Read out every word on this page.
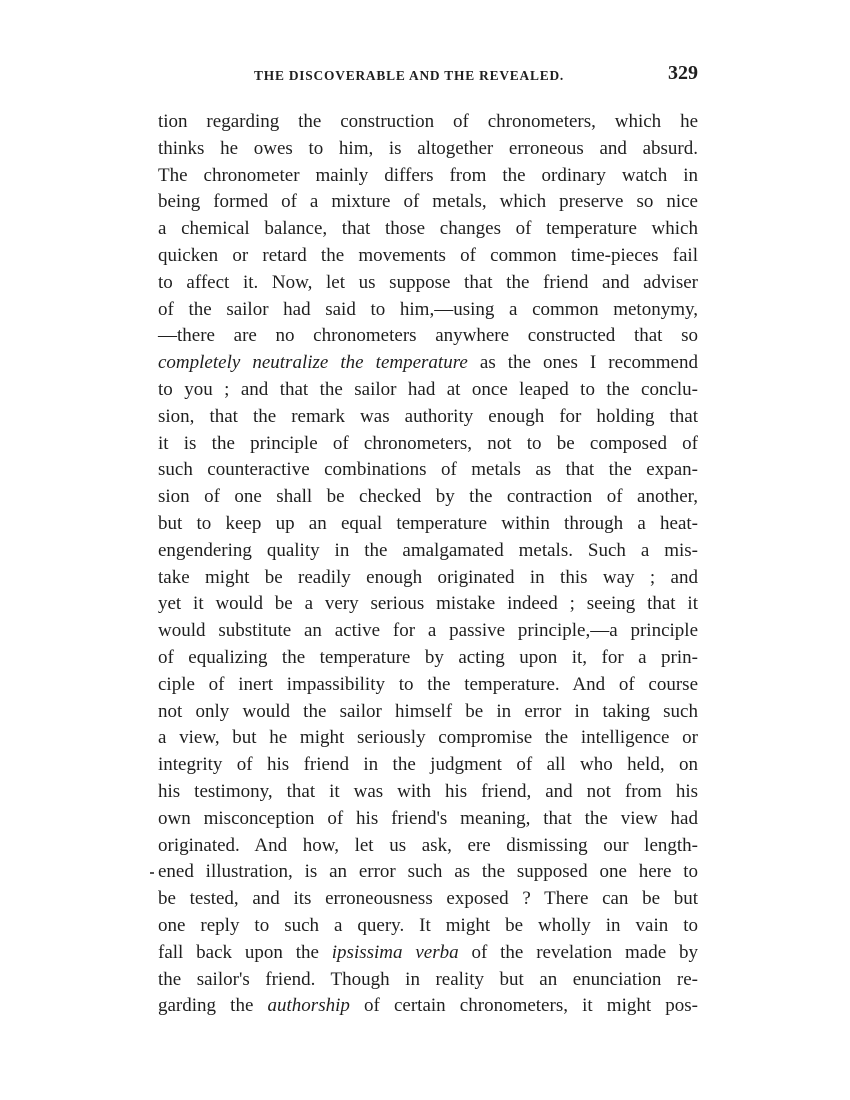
THE DISCOVERABLE AND THE REVEALED.	329
tion regarding the construction of chronometers, which he
thinks he owes to him, is altogether erroneous and absurd.
The chronometer mainly differs from the ordinary watch in
being formed of a mixture of metals, which preserve so nice
a chemical balance, that those changes of temperature which
quicken or retard the movements of common time-pieces fail
to affect it. Now, let us suppose that the friend and adviser
of the sailor had said to him,—using a common metonymy,
—there are no chronometers anywhere constructed that so
completely neutralize the temperature as the ones I recommend
to you ; and that the sailor had at once leaped to the conclu-
sion, that the remark was authority enough for holding that
it is the principle of chronometers, not to be composed of
such counteractive combinations of metals as that the expan-
sion of one shall be checked by the contraction of another,
but to keep up an equal temperature within through a heat-
engendering quality in the amalgamated metals. Such a mis-
take might be readily enough originated in this way ; and
yet it would be a very serious mistake indeed ; seeing that it
would substitute an active for a passive principle,—a principle
of equalizing the temperature by acting upon it, for a prin-
ciple of inert impassibility to the temperature. And of course
not only would the sailor himself be in error in taking such
a view, but he might seriously compromise the intelligence or
integrity of his friend in the judgment of all who held, on
his testimony, that it was with his friend, and not from his
own misconception of his friend's meaning, that the view had
originated. And how, let us ask, ere dismissing our length-
ened illustration, is an error such as the supposed one here to
be tested, and its erroneousness exposed ? There can be but
one reply to such a query. It might be wholly in vain to
fall back upon the ipsissima verba of the revelation made by
the sailor's friend. Though in reality but an enunciation re-
garding the authorship of certain chronometers, it might pos-
